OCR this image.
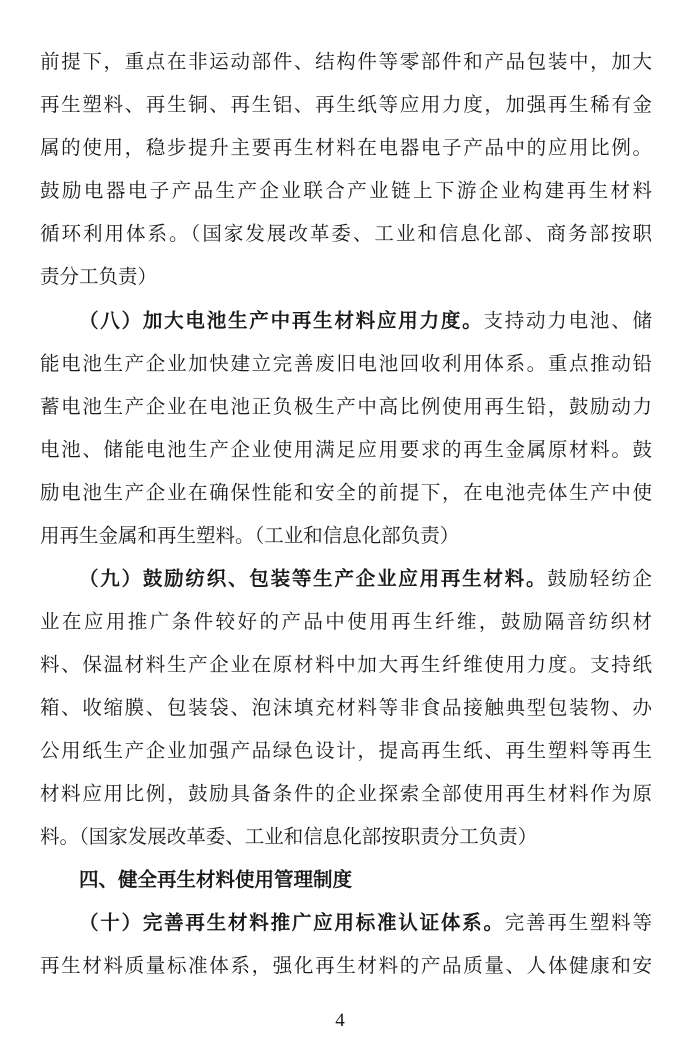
前提下，重点在非运动部件、结构件等零部件和产品包装中，加大
再生塑料、再生铜、再生铝、再生纸等应用力度，加强再生稀有金
属的使用，稳步提升主要再生材料在电器电子产品中的应用比例。
鼓励电器电子产品生产企业联合产业链上下游企业构建再生材料
循环利用体系。（国家发展改革委、工业和信息化部、商务部按职
责分工负责）
（八）加大电池生产中再生材料应用力度。支持动力电池、储
能电池生产企业加快建立完善废旧电池回收利用体系。重点推动铅
蓄电池生产企业在电池正负极生产中高比例使用再生铅，鼓励动力
电池、储能电池生产企业使用满足应用要求的再生金属原材料。鼓
励电池生产企业在确保性能和安全的前提下，在电池壳体生产中使
用再生金属和再生塑料。（工业和信息化部负责）
（九）鼓励纺织、包装等生产企业应用再生材料。鼓励轻纺企
业在应用推广条件较好的产品中使用再生纤维，鼓励隔音纺织材
料、保温材料生产企业在原材料中加大再生纤维使用力度。支持纸
箱、收缩膜、包装袋、泡沫填充材料等非食品接触典型包装物、办
公用纸生产企业加强产品绿色设计，提高再生纸、再生塑料等再生
材料应用比例，鼓励具备条件的企业探索全部使用再生材料作为原
料。（国家发展改革委、工业和信息化部按职责分工负责）
四、健全再生材料使用管理制度
（十）完善再生材料推广应用标准认证体系。完善再生塑料等
再生材料质量标准体系，强化再生材料的产品质量、人体健康和安
4
